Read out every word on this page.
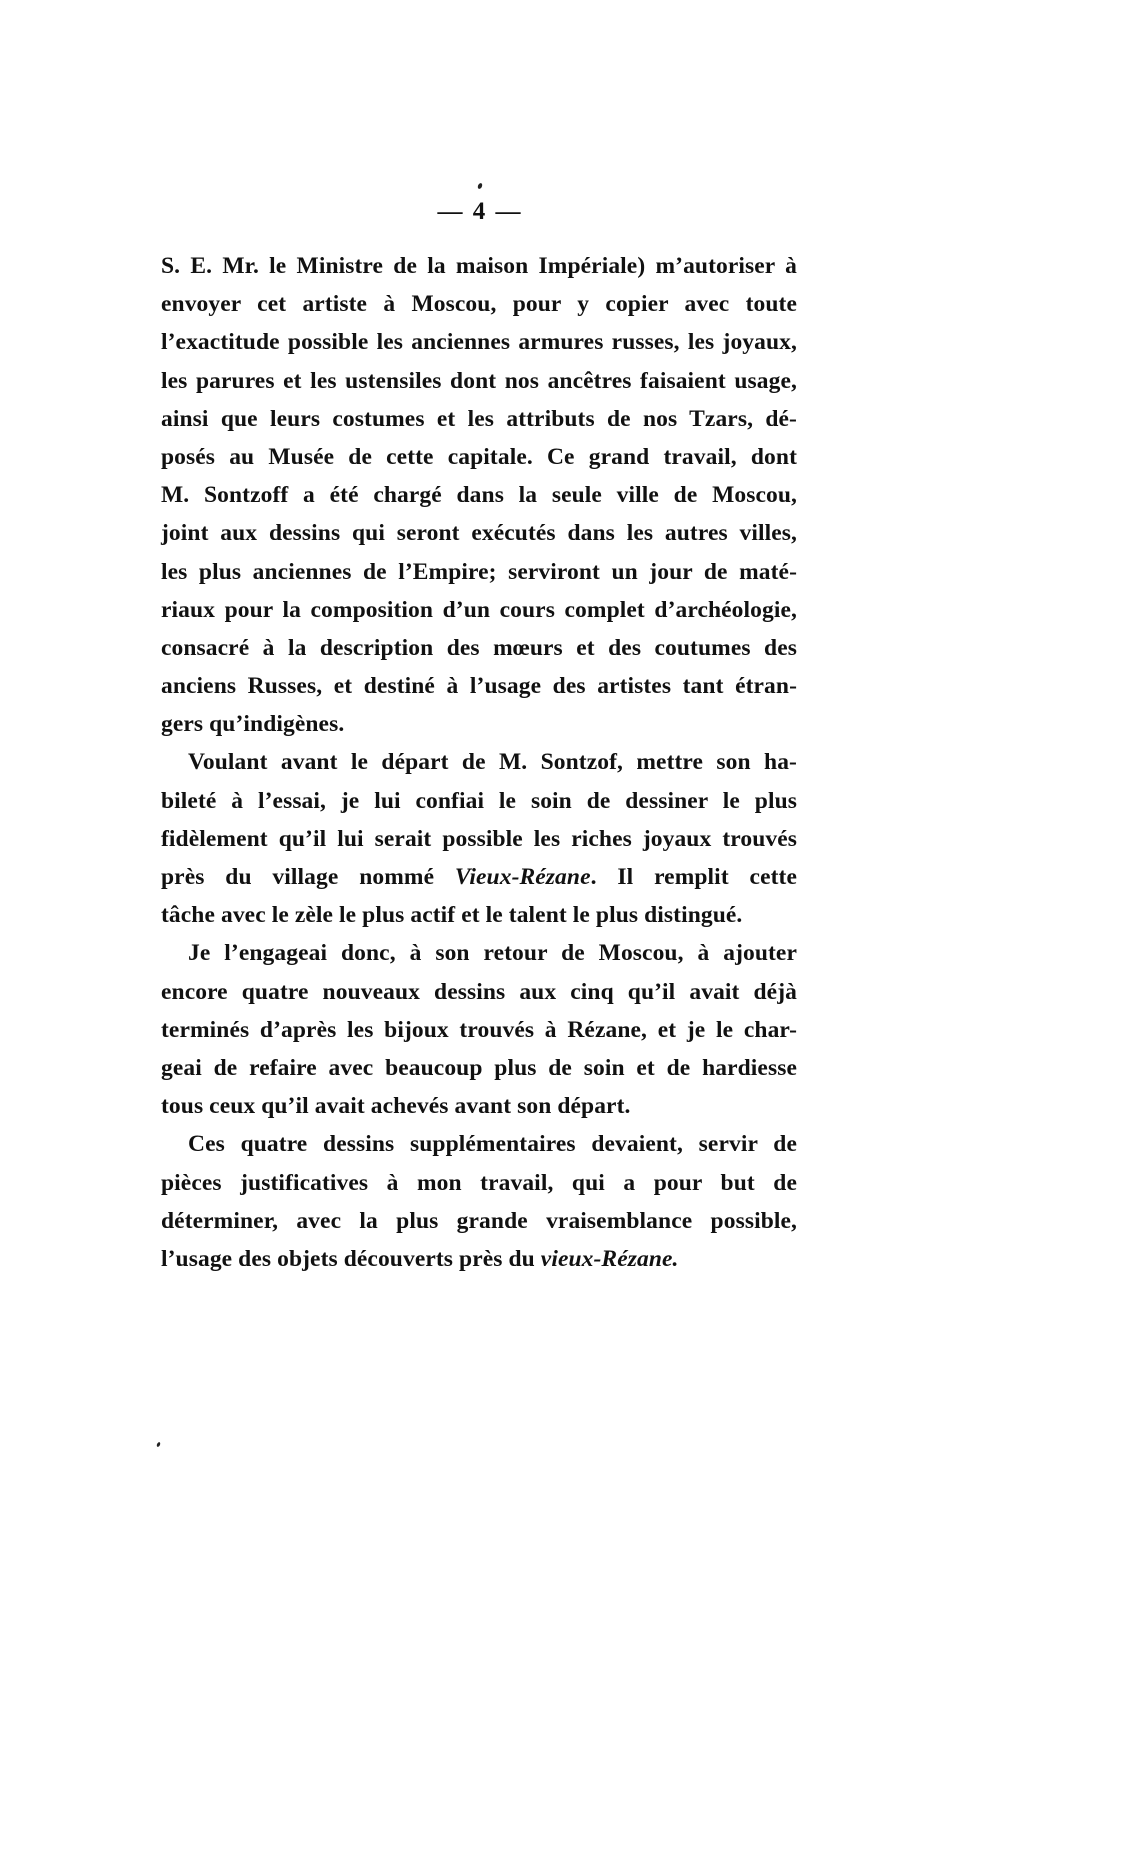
— 4 —
S. E. Mr. le Ministre de la maison Impériale) m’autoriser à
envoyer cet artiste à Moscou, pour y copier avec toute
l’exactitude possible les anciennes armures russes, les joyaux,
les parures et les ustensiles dont nos ancêtres faisaient usage,
ainsi que leurs costumes et les attributs de nos Tzars, dé-
posés au Musée de cette capitale. Ce grand travail, dont
M. Sontzoff a été chargé dans la seule ville de Moscou,
joint aux dessins qui seront exécutés dans les autres villes,
les plus anciennes de l’Empire; serviront un jour de maté-
riaux pour la composition d’un cours complet d’archéologie,
consacré à la description des mœurs et des coutumes des
anciens Russes, et destiné à l’usage des artistes tant étran-
gers qu’indigènes.
Voulant avant le départ de M. Sontzof, mettre son ha-
bileté à l’essai, je lui confiai le soin de dessiner le plus
fidèlement qu’il lui serait possible les riches joyaux trouvés
près du village nommé Vieux-Rézane. Il remplit cette
tâche avec le zèle le plus actif et le talent le plus distingué.
Je l’engageai donc, à son retour de Moscou, à ajouter
encore quatre nouveaux dessins aux cinq qu’il avait déjà
terminés d’après les bijoux trouvés à Rézane, et je le char-
geai de refaire avec beaucoup plus de soin et de hardiesse
tous ceux qu’il avait achevés avant son départ.
Ces quatre dessins supplémentaires devaient, servir de
pièces justificatives à mon travail, qui a pour but de
déterminer, avec la plus grande vraisemblance possible,
l’usage des objets découverts près du vieux-Rézane.
